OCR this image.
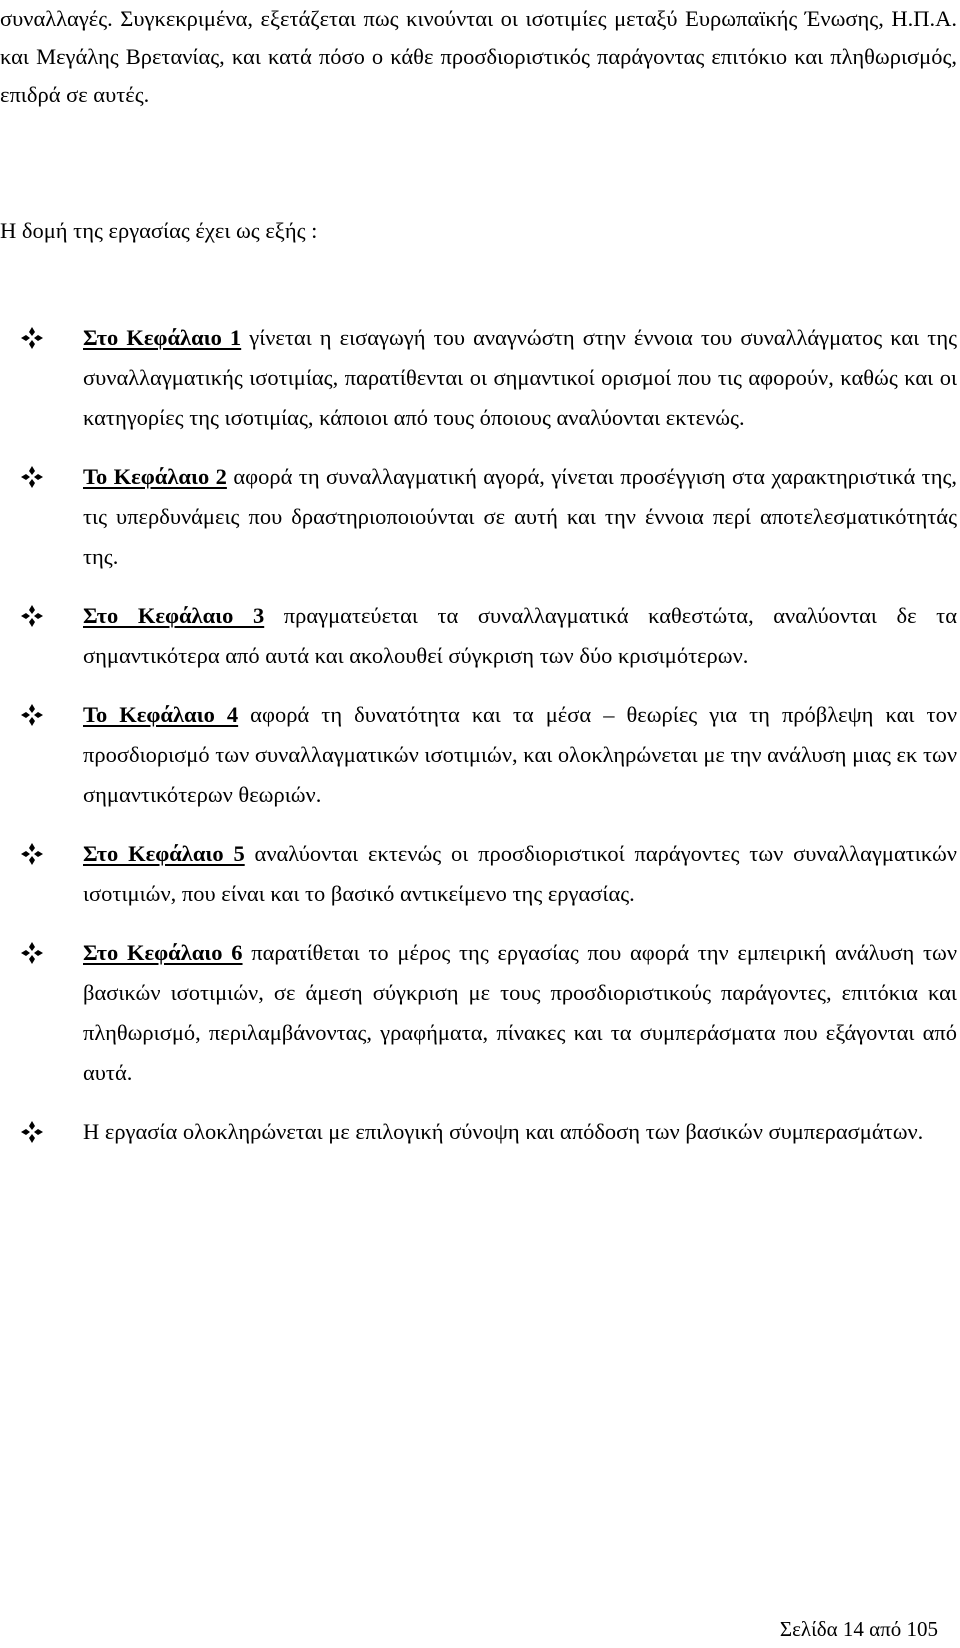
συναλλαγές. Συγκεκριμένα, εξετάζεται πως κινούνται οι ισοτιμίες μεταξύ Ευρωπαϊκής Ένωσης, Η.Π.Α. και Μεγάλης Βρετανίας, και κατά πόσο ο κάθε προσδιοριστικός παράγοντας επιτόκιο και πληθωρισμός, επιδρά σε αυτές.

Η δομή της εργασίας έχει ως εξής :

Στο Κεφάλαιο 1 γίνεται η εισαγωγή του αναγνώστη στην έννοια του συναλλάγματος και της συναλλαγματικής ισοτιμίας, παρατίθενται οι σημαντικοί ορισμοί που τις αφορούν, καθώς και οι κατηγορίες της ισοτιμίας, κάποιοι από τους όποιους αναλύονται εκτενώς.
Το Κεφάλαιο 2 αφορά τη συναλλαγματική αγορά, γίνεται προσέγγιση στα χαρακτηριστικά της, τις υπερδυνάμεις που δραστηριοποιούνται σε αυτή και την έννοια περί αποτελεσματικότητάς της.
Στο Κεφάλαιο 3 πραγματεύεται τα συναλλαγματικά καθεστώτα, αναλύονται δε τα σημαντικότερα από αυτά και ακολουθεί σύγκριση των δύο κρισιμότερων.
Το Κεφάλαιο 4 αφορά τη δυνατότητα και τα μέσα – θεωρίες για τη πρόβλεψη και τον προσδιορισμό των συναλλαγματικών ισοτιμιών, και ολοκληρώνεται με την ανάλυση μιας εκ των σημαντικότερων θεωριών.
Στο Κεφάλαιο 5 αναλύονται εκτενώς οι προσδιοριστικοί παράγοντες των συναλλαγματικών ισοτιμιών, που είναι και το βασικό αντικείμενο της εργασίας.
Στο Κεφάλαιο 6 παρατίθεται το μέρος της εργασίας που αφορά την εμπειρική ανάλυση των βασικών ισοτιμιών, σε άμεση σύγκριση με τους προσδιοριστικούς παράγοντες, επιτόκια και πληθωρισμό, περιλαμβάνοντας, γραφήματα, πίνακες και τα συμπεράσματα που εξάγονται από αυτά.
Η εργασία ολοκληρώνεται με επιλογική σύνοψη και απόδοση των βασικών συμπερασμάτων.

Σελίδα 14 από 105
